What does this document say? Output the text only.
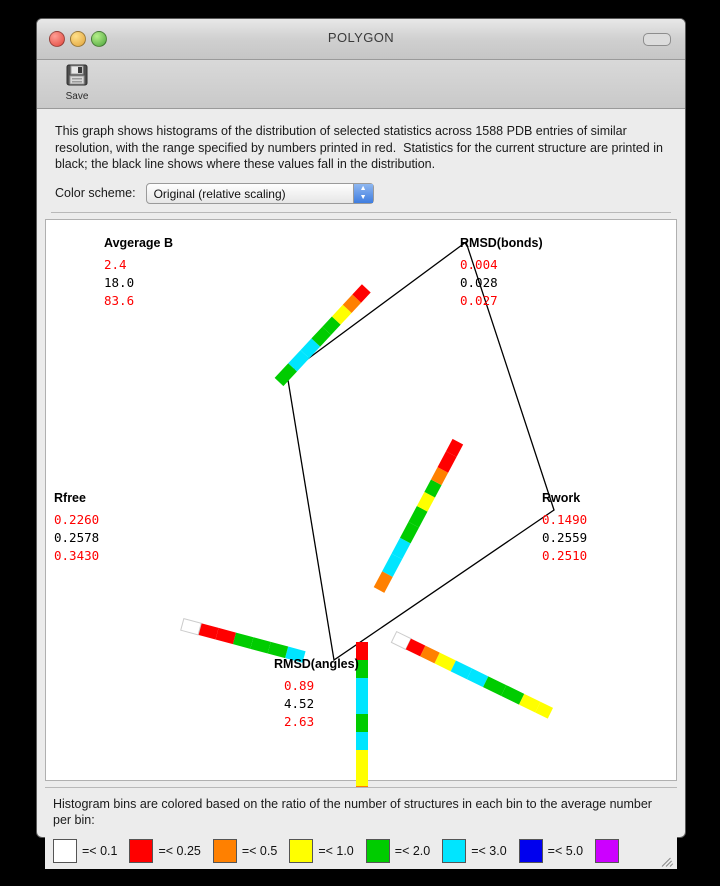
POLYGON
Save
This graph shows histograms of the distribution of selected statistics across 1588 PDB entries of similar resolution, with the range specified by numbers printed in red.  Statistics for the current structure are printed in black; the black line shows where these values fall in the distribution.
Color scheme:	Original (relative scaling)	▲
▼
Avgerage B
2.4
18.0
83.6
RMSD(bonds)
0.004
0.028
0.027
Rwork
0.1490
0.2559
0.2510
RMSD(angles)
0.89
4.52
2.63
Rfree
0.2260
0.2578
0.3430
Histogram bins are colored based on the ratio of the number of structures in each bin to the average number per bin:
=< 0.1	=< 0.25	=< 0.5	=< 1.0	=< 2.0	=< 3.0	=< 5.0
